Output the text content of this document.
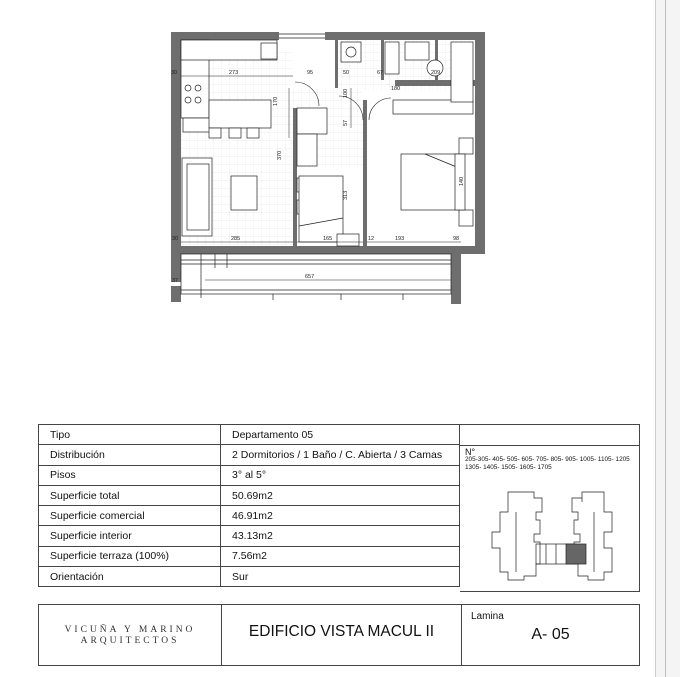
30	273	95	50	67	209
170
100
57
370
313
30	285	165	193	98
657
37
140
180
12
Tipo	Departamento 05
Distribución	2 Dormitorios / 1 Baño / C. Abierta / 3 Camas
Pisos	3° al 5°
Superficie total	50.69m2
Superficie comercial	46.91m2
Superficie interior	43.13m2
Superficie terraza (100%)	7.56m2
Orientación	Sur
N°
205-305- 405- 505- 605- 705- 805- 905- 1005- 1105- 1205 1305- 1405- 1505- 1605- 1705
VICUÑA Y MARINO
ARQUITECTOS
EDIFICIO VISTA MACUL II
Lamina
A- 05
